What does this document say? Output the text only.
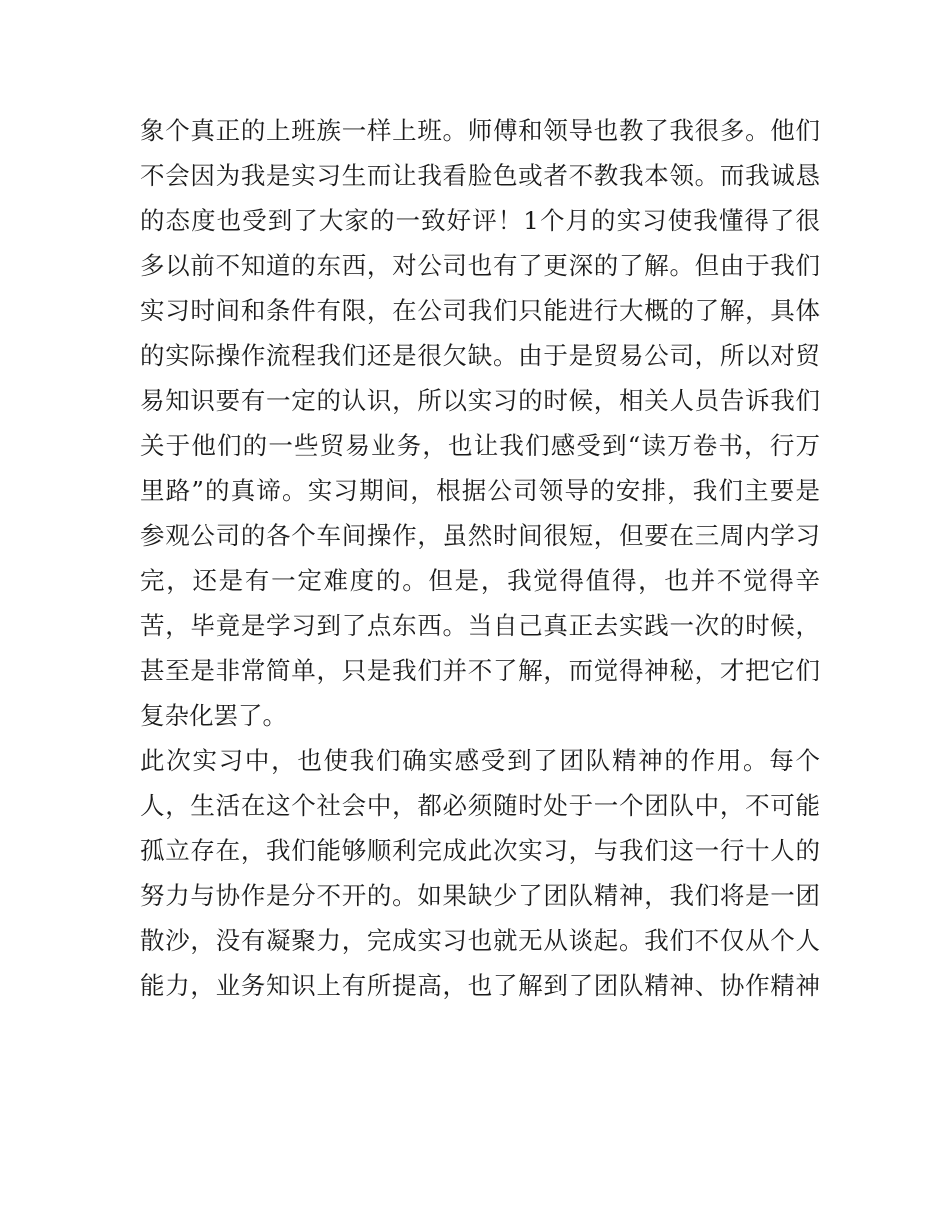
象个真正的上班族一样上班。师傅和领导也教了我很多。他们
不会因为我是实习生而让我看脸色或者不教我本领。而我诚恳
的态度也受到了大家的一致好评！1个月的实习使我懂得了很
多以前不知道的东西，对公司也有了更深的了解。但由于我们
实习时间和条件有限，在公司我们只能进行大概的了解，具体
的实际操作流程我们还是很欠缺。由于是贸易公司，所以对贸
易知识要有一定的认识，所以实习的时候，相关人员告诉我们
关于他们的一些贸易业务，也让我们感受到“读万卷书，行万
里路”的真谛。实习期间，根据公司领导的安排，我们主要是
参观公司的各个车间操作，虽然时间很短，但要在三周内学习
完，还是有一定难度的。但是，我觉得值得，也并不觉得辛
苦，毕竟是学习到了点东西。当自己真正去实践一次的时候，
甚至是非常简单，只是我们并不了解，而觉得神秘，才把它们
复杂化罢了。
此次实习中，也使我们确实感受到了团队精神的作用。每个
人，生活在这个社会中，都必须随时处于一个团队中，不可能
孤立存在，我们能够顺利完成此次实习，与我们这一行十人的
努力与协作是分不开的。如果缺少了团队精神，我们将是一团
散沙，没有凝聚力，完成实习也就无从谈起。我们不仅从个人
能力，业务知识上有所提高，也了解到了团队精神、协作精神
